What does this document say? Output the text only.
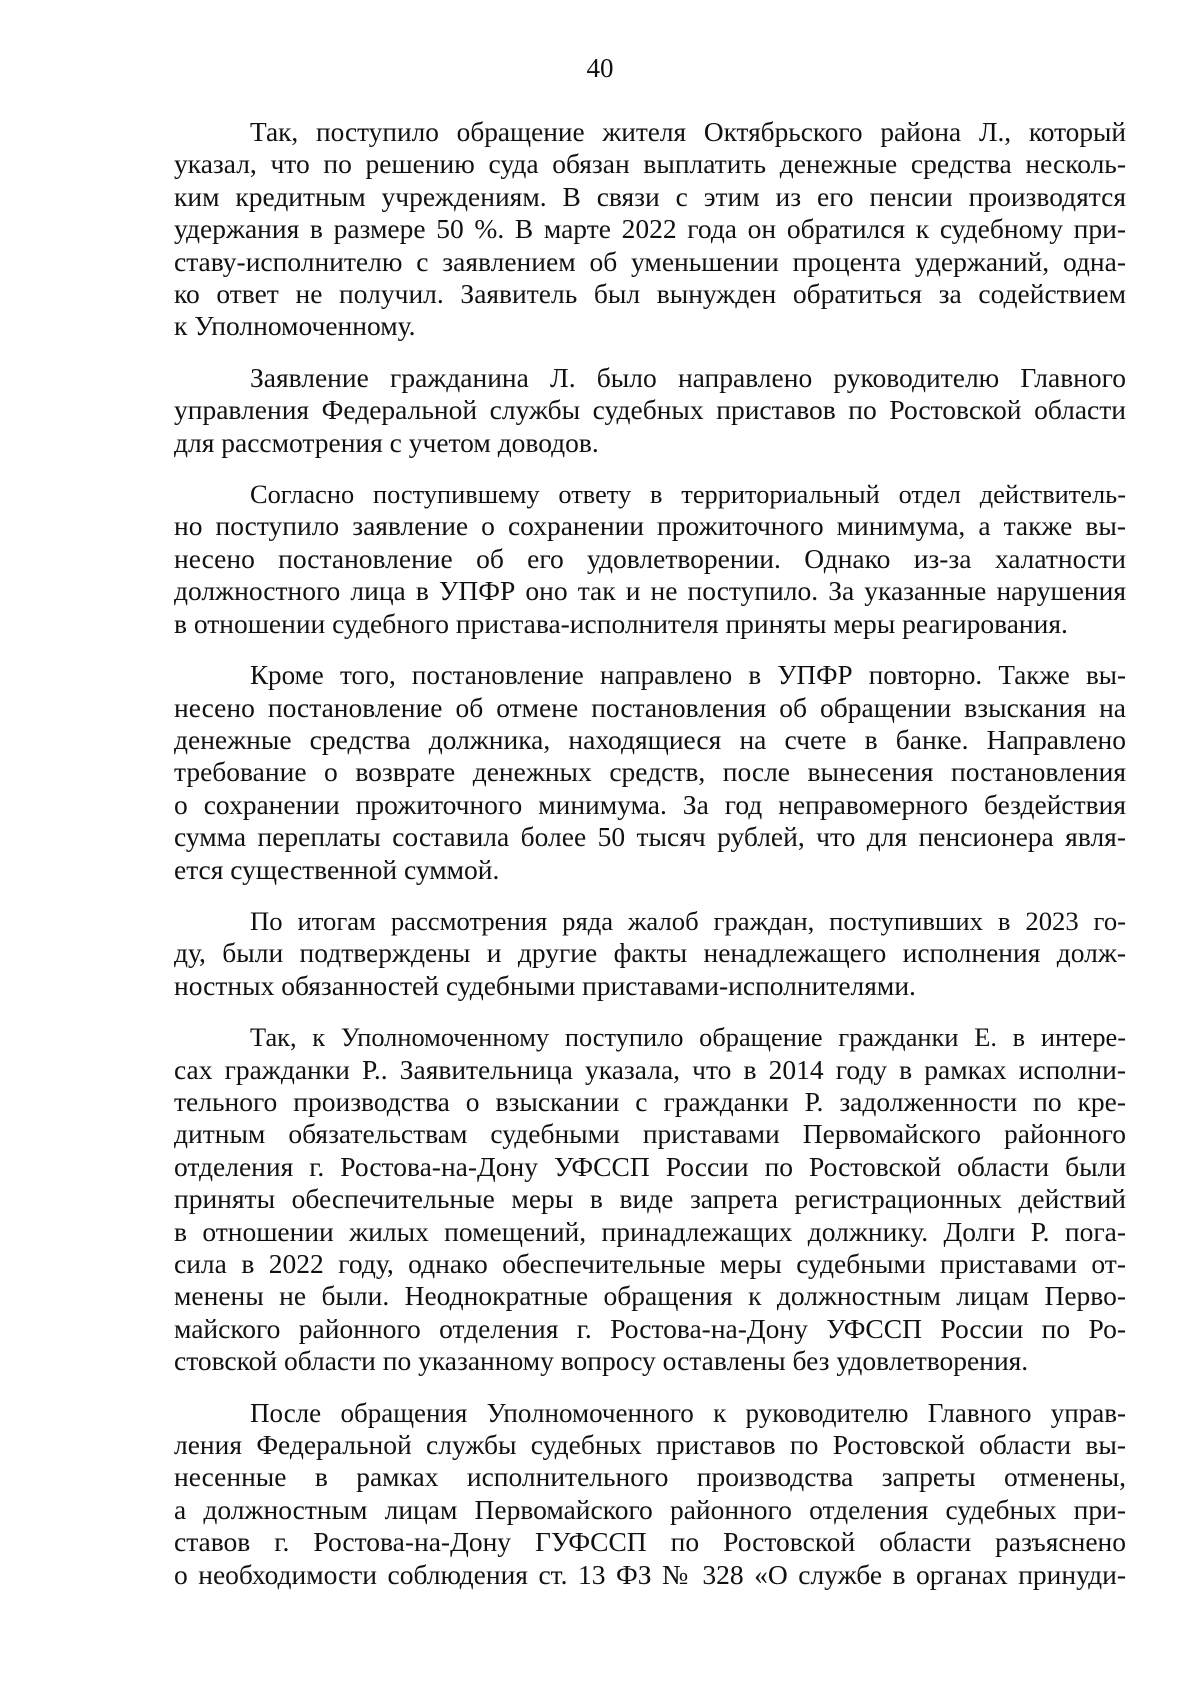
40
Так, поступило обращение жителя Октябрьского района Л., который
указал, что по решению суда обязан выплатить денежные средства несколь-
ким кредитным учреждениям. В связи с этим из его пенсии производятся
удержания в размере 50 %. В марте 2022 года он обратился к судебному при-
ставу-исполнителю с заявлением об уменьшении процента удержаний, одна-
ко ответ не получил. Заявитель был вынужден обратиться за содействием
к Уполномоченному.
Заявление гражданина Л. было направлено руководителю Главного
управления Федеральной службы судебных приставов по Ростовской области
для рассмотрения с учетом доводов.
Согласно поступившему ответу в территориальный отдел действитель-
но поступило заявление о сохранении прожиточного минимума, а также вы-
несено постановление об его удовлетворении. Однако из-за халатности
должностного лица в УПФР оно так и не поступило. За указанные нарушения
в отношении судебного пристава-исполнителя приняты меры реагирования.
Кроме того, постановление направлено в УПФР повторно. Также вы-
несено постановление об отмене постановления об обращении взыскания на
денежные средства должника, находящиеся на счете в банке. Направлено
требование о возврате денежных средств, после вынесения постановления
о сохранении прожиточного минимума. За год неправомерного бездействия
сумма переплаты составила более 50 тысяч рублей, что для пенсионера явля-
ется существенной суммой.
По итогам рассмотрения ряда жалоб граждан, поступивших в 2023 го-
ду, были подтверждены и другие факты ненадлежащего исполнения долж-
ностных обязанностей судебными приставами-исполнителями.
Так, к Уполномоченному поступило обращение гражданки Е. в интере-
сах гражданки Р.. Заявительница указала, что в 2014 году в рамках исполни-
тельного производства о взыскании с гражданки Р. задолженности по кре-
дитным обязательствам судебными приставами Первомайского районного
отделения г. Ростова-на-Дону УФССП России по Ростовской области были
приняты обеспечительные меры в виде запрета регистрационных действий
в отношении жилых помещений, принадлежащих должнику. Долги Р. пога-
сила в 2022 году, однако обеспечительные меры судебными приставами от-
менены не были. Неоднократные обращения к должностным лицам Перво-
майского районного отделения г. Ростова-на-Дону УФССП России по Ро-
стовской области по указанному вопросу оставлены без удовлетворения.
После обращения Уполномоченного к руководителю Главного управ-
ления Федеральной службы судебных приставов по Ростовской области вы-
несенные в рамках исполнительного производства запреты отменены,
а должностным лицам Первомайского районного отделения судебных при-
ставов г. Ростова-на-Дону ГУФССП по Ростовской области разъяснено
о необходимости соблюдения ст. 13 ФЗ № 328 «О службе в органах принуди-
